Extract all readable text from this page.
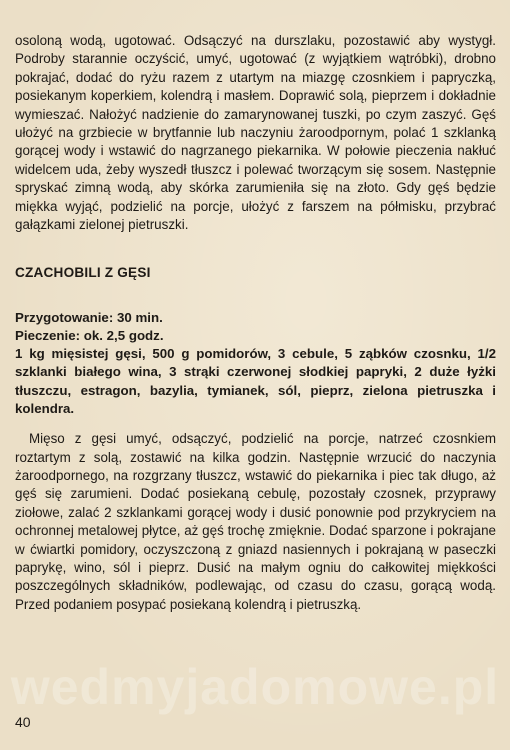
osoloną wodą, ugotować. Odsączyć na durszlaku, pozostawić aby wystygł. Podroby starannie oczyścić, umyć, ugotować (z wyjątkiem wątróbki), drobno pokrajać, dodać do ryżu razem z utartym na miazgę czosnkiem i papryczką, posiekanym koperkiem, kolendrą i masłem. Doprawić solą, pieprzem i dokładnie wymieszać. Nałożyć nadzienie do zamarynowanej tuszki, po czym zaszyć. Gęś ułożyć na grzbiecie w brytfannie lub naczyniu żaroodpornym, polać 1 szklanką gorącej wody i wstawić do nagrzanego piekarnika. W połowie pieczenia nakłuć widelcem uda, żeby wyszedł tłuszcz i polewać tworzącym się sosem. Następnie spryskać zimną wodą, aby skórka zarumieniła się na złoto. Gdy gęś będzie miękka wyjąć, podzielić na porcje, ułożyć z farszem na półmisku, przybrać gałązkami zielonej pietruszki.

CZACHOBILI Z GĘSI

Przygotowanie: 30 min.

Pieczenie: ok. 2,5 godz.

1 kg mięsistej gęsi, 500 g pomidorów, 3 cebule, 5 ząbków czosnku, 1/2 szklanki białego wina, 3 strąki czerwonej słodkiej papryki, 2 duże łyżki tłuszczu, estragon, bazylia, tymianek, sól, pieprz, zielona pietruszka i kolendra.

Mięso z gęsi umyć, odsączyć, podzielić na porcje, natrzeć czosnkiem roztartym z solą, zostawić na kilka godzin. Następnie wrzucić do naczynia żaroodpornego, na rozgrzany tłuszcz, wstawić do piekarnika i piec tak długo, aż gęś się zarumieni. Dodać posiekaną cebulę, pozostały czosnek, przyprawy ziołowe, zalać 2 szklankami gorącej wody i dusić ponownie pod przykryciem na ochronnej metalowej płytce, aż gęś trochę zmięknie. Dodać sparzone i pokrajane w ćwiartki pomidory, oczyszczoną z gniazd nasiennych i pokrajaną w paseczki paprykę, wino, sól i pieprz. Dusić na małym ogniu do całkowitej miękkości poszczególnych składników, podlewając, od czasu do czasu, gorącą wodą. Przed podaniem posypać posiekaną kolendrą i pietruszką.

wedmyjadomowe.pl
40
